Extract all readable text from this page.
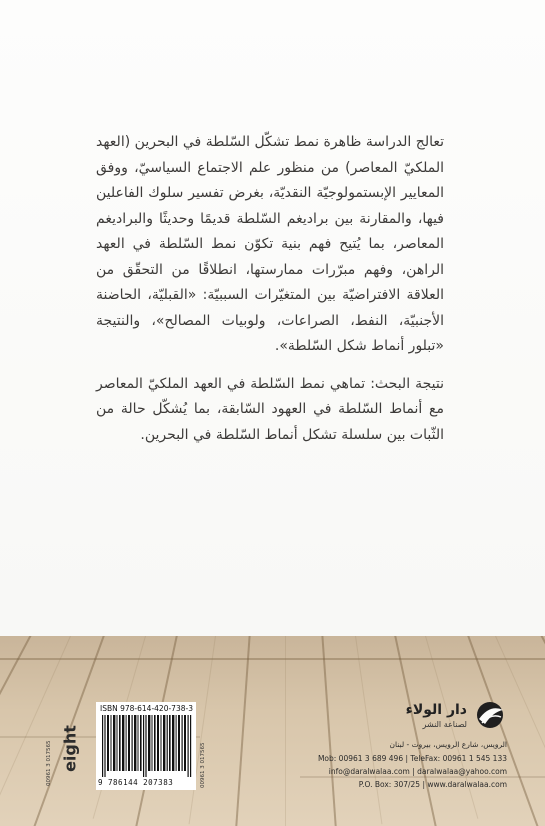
تعالج الدراسة ظاهرة نمط تشكّل السّلطة في البحرين (العهد الملكيّ المعاصر) من منظور علم الاجتماع السياسيّ، ووفق المعايير الإبستمولوجيّة النقديّة، بغرض تفسير سلوك الفاعلين فيها، والمقارنة بين براديغم السّلطة قديمًا وحديثًا والبراديغم المعاصر، بما يُتيح فهم بنية تكوّن نمط السّلطة في العهد الراهن، وفهم مبرّرات ممارستها، انطلاقًا من التحقّق من العلاقة الافتراضيّة بين المتغيّرات السببيّة: «القبليّة، الحاضنة الأجنبيّة، النفط، الصراعات، ولوبيات المصالح»، والنتيجة «تبلور أنماط شكل السّلطة».

نتيجة البحث: تماهي نمط السّلطة في العهد الملكيّ المعاصر مع أنماط السّلطة في العهود السّابقة، بما يُشكّل حالة من الثّبات بين سلسلة تشكل أنماط السّلطة في البحرين.

eight
00961 3 017565
ISBN 978-614-420-738-3
9 786144 207383	00961 3 017565
دار الولاء
لصناعة النشر
الرويس، شارع الرويس، بيروت - لبنان
Mob: 00961 3 689 496 | TeleFax: 00961 1 545 133
info@daralwalaa.com | daralwalaa@yahoo.com
P.O. Box: 307/25 | www.daralwalaa.com
